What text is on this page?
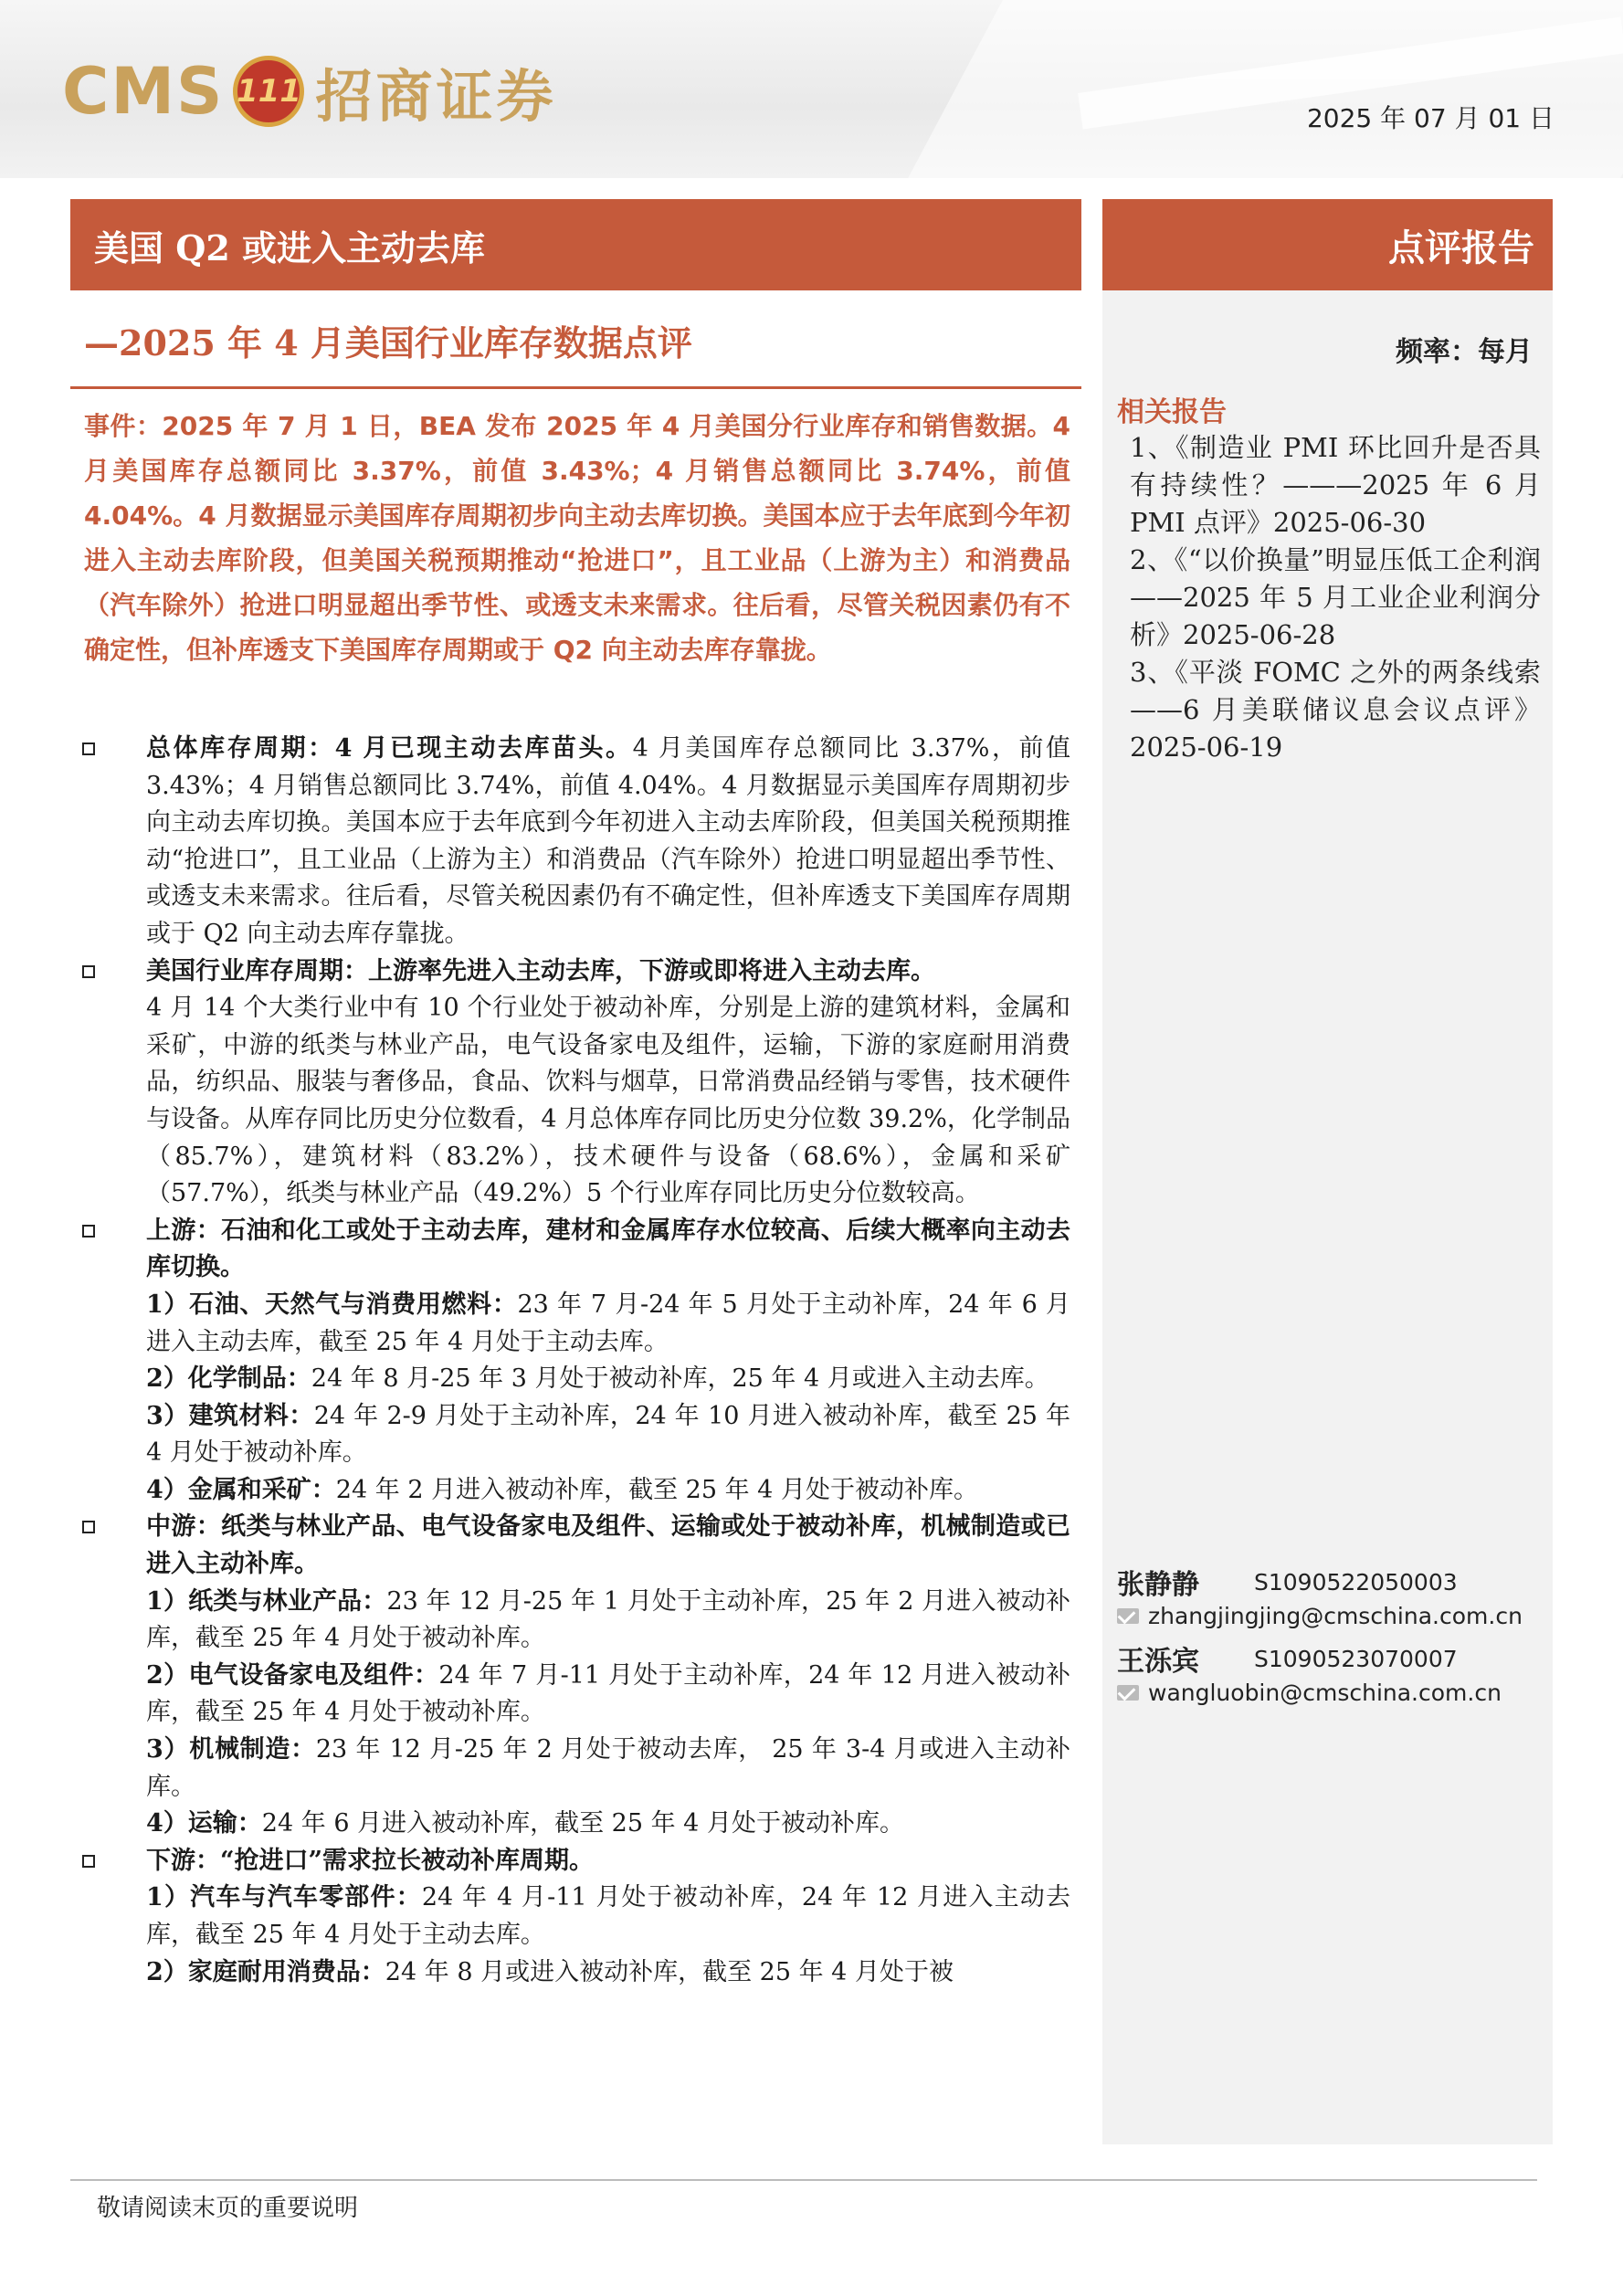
CMS 111 招商证券	2025 年 07 月 01 日
美国 Q2 或进入主动去库	点评报告
—2025 年 4 月美国行业库存数据点评	频率：每月
相关报告
1、《制造业 PMI 环比回升是否具有持续性？———2025 年 6 月 PMI 点评》2025-06-30
2、《“以价换量”明显压低工企利润——2025 年 5 月工业企业利润分析》2025-06-28
3、《平淡 FOMC 之外的两条线索——6 月美联储议息会议点评》2025-06-19
张静静	S1090522050003
zhangjingjing@cmschina.com.cn
王泺宾	S1090523070007
wangluobin@cmschina.com.cn
事件：2025 年 7 月 1 日，BEA 发布 2025 年 4 月美国分行业库存和销售数据。4 月美国库存总额同比 3.37%，前值 3.43%；4 月销售总额同比 3.74%，前值 4.04%。4 月数据显示美国库存周期初步向主动去库切换。美国本应于去年底到今年初进入主动去库阶段，但美国关税预期推动“抢进口”，且工业品（上游为主）和消费品（汽车除外）抢进口明显超出季节性、或透支未来需求。往后看，尽管关税因素仍有不确定性，但补库透支下美国库存周期或于 Q2 向主动去库存靠拢。
总体库存周期：4 月已现主动去库苗头。4 月美国库存总额同比 3.37%，前值 3.43%；4 月销售总额同比 3.74%，前值 4.04%。4 月数据显示美国库存周期初步向主动去库切换。美国本应于去年底到今年初进入主动去库阶段，但美国关税预期推动“抢进口”，且工业品（上游为主）和消费品（汽车除外）抢进口明显超出季节性、或透支未来需求。往后看，尽管关税因素仍有不确定性，但补库透支下美国库存周期或于 Q2 向主动去库存靠拢。
美国行业库存周期：上游率先进入主动去库，下游或即将进入主动去库。
4 月 14 个大类行业中有 10 个行业处于被动补库，分别是上游的建筑材料，金属和采矿，中游的纸类与林业产品，电气设备家电及组件，运输，下游的家庭耐用消费品，纺织品、服装与奢侈品，食品、饮料与烟草，日常消费品经销与零售，技术硬件与设备。从库存同比历史分位数看，4 月总体库存同比历史分位数 39.2%，化学制品（85.7%），建筑材料（83.2%），技术硬件与设备（68.6%），金属和采矿（57.7%），纸类与林业产品（49.2%）5 个行业库存同比历史分位数较高。
上游：石油和化工或处于主动去库，建材和金属库存水位较高、后续大概率向主动去库切换。
1）石油、天然气与消费用燃料：23 年 7 月-24 年 5 月处于主动补库，24 年 6 月进入主动去库，截至 25 年 4 月处于主动去库。
2）化学制品：24 年 8 月-25 年 3 月处于被动补库，25 年 4 月或进入主动去库。
3）建筑材料：24 年 2-9 月处于主动补库，24 年 10 月进入被动补库，截至 25 年 4 月处于被动补库。
4）金属和采矿：24 年 2 月进入被动补库，截至 25 年 4 月处于被动补库。
中游：纸类与林业产品、电气设备家电及组件、运输或处于被动补库，机械制造或已进入主动补库。
1）纸类与林业产品：23 年 12 月-25 年 1 月处于主动补库，25 年 2 月进入被动补库，截至 25 年 4 月处于被动补库。
2）电气设备家电及组件：24 年 7 月-11 月处于主动补库，24 年 12 月进入被动补库，截至 25 年 4 月处于被动补库。
3）机械制造：23 年 12 月-25 年 2 月处于被动去库， 25 年 3-4 月或进入主动补库。
4）运输：24 年 6 月进入被动补库，截至 25 年 4 月处于被动补库。
下游：“抢进口”需求拉长被动补库周期。
1）汽车与汽车零部件：24 年 4 月-11 月处于被动补库，24 年 12 月进入主动去库，截至 25 年 4 月处于主动去库。
2）家庭耐用消费品：24 年 8 月或进入被动补库，截至 25 年 4 月处于被
敬请阅读末页的重要说明
